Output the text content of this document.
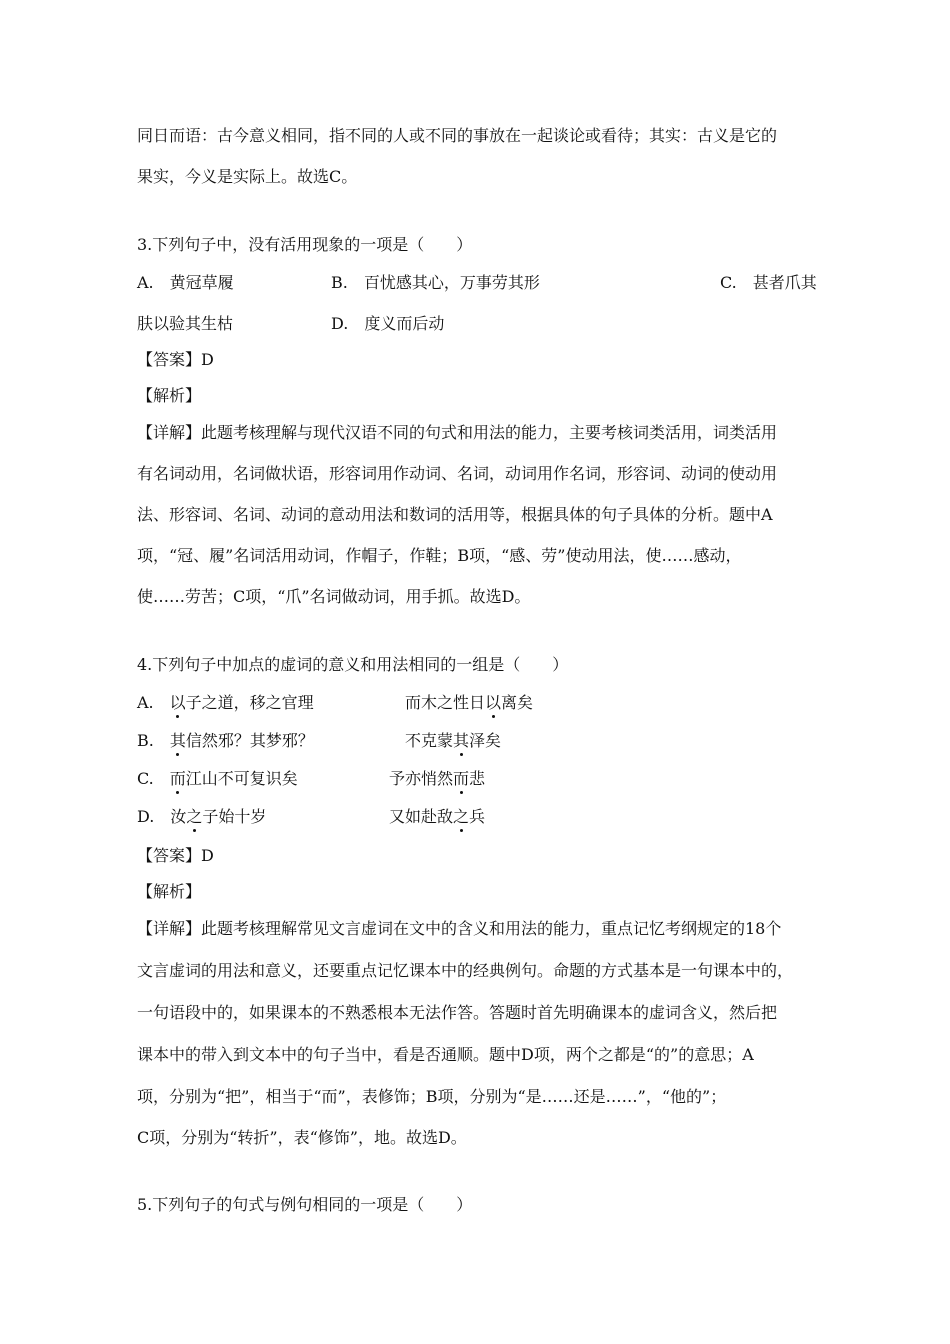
同日而语：古今意义相同，指不同的人或不同的事放在一起谈论或看待；其实：古义是它的
果实，今义是实际上。故选C。
3.下列句子中，没有活用现象的一项是（　　）
A.　黄冠草履	B.　百忧感其心，万事劳其形	C.　甚者爪其
肤以验其生枯	D.　度义而后动
【答案】D
【解析】
【详解】此题考核理解与现代汉语不同的句式和用法的能力，主要考核词类活用，词类活用
有名词动用，名词做状语，形容词用作动词、名词，动词用作名词，形容词、动词的使动用
法、形容词、名词、动词的意动用法和数词的活用等，根据具体的句子具体的分析。题中A
项，“冠、履”名词活用动词，作帽子，作鞋；B项，“感、劳”使动用法，使……感动，
使……劳苦；C项，“爪”名词做动词，用手抓。故选D。
4.下列句子中加点的虚词的意义和用法相同的一组是（　　）
A.　 以子之道，移之官理	而木之性日以离矣
B.　 其信然邪？其梦邪？	不克蒙其泽矣
C.　 而江山不可复识矣	予亦悄然而悲
D.　 汝之子始十岁	又如赴敌之兵
【答案】D
【解析】
【详解】此题考核理解常见文言虚词在文中的含义和用法的能力，重点记忆考纲规定的18个
文言虚词的用法和意义，还要重点记忆课本中的经典例句。命题的方式基本是一句课本中的，
一句语段中的，如果课本的不熟悉根本无法作答。答题时首先明确课本的虚词含义，然后把
课本中的带入到文本中的句子当中，看是否通顺。题中D项，两个之都是“的”的意思；A
项，分别为“把”，相当于“而”，表修饰；B项，分别为“是……还是……”，“他的”；
C项，分别为“转折”，表“修饰”，地。故选D。
5.下列句子的句式与例句相同的一项是（　　）
